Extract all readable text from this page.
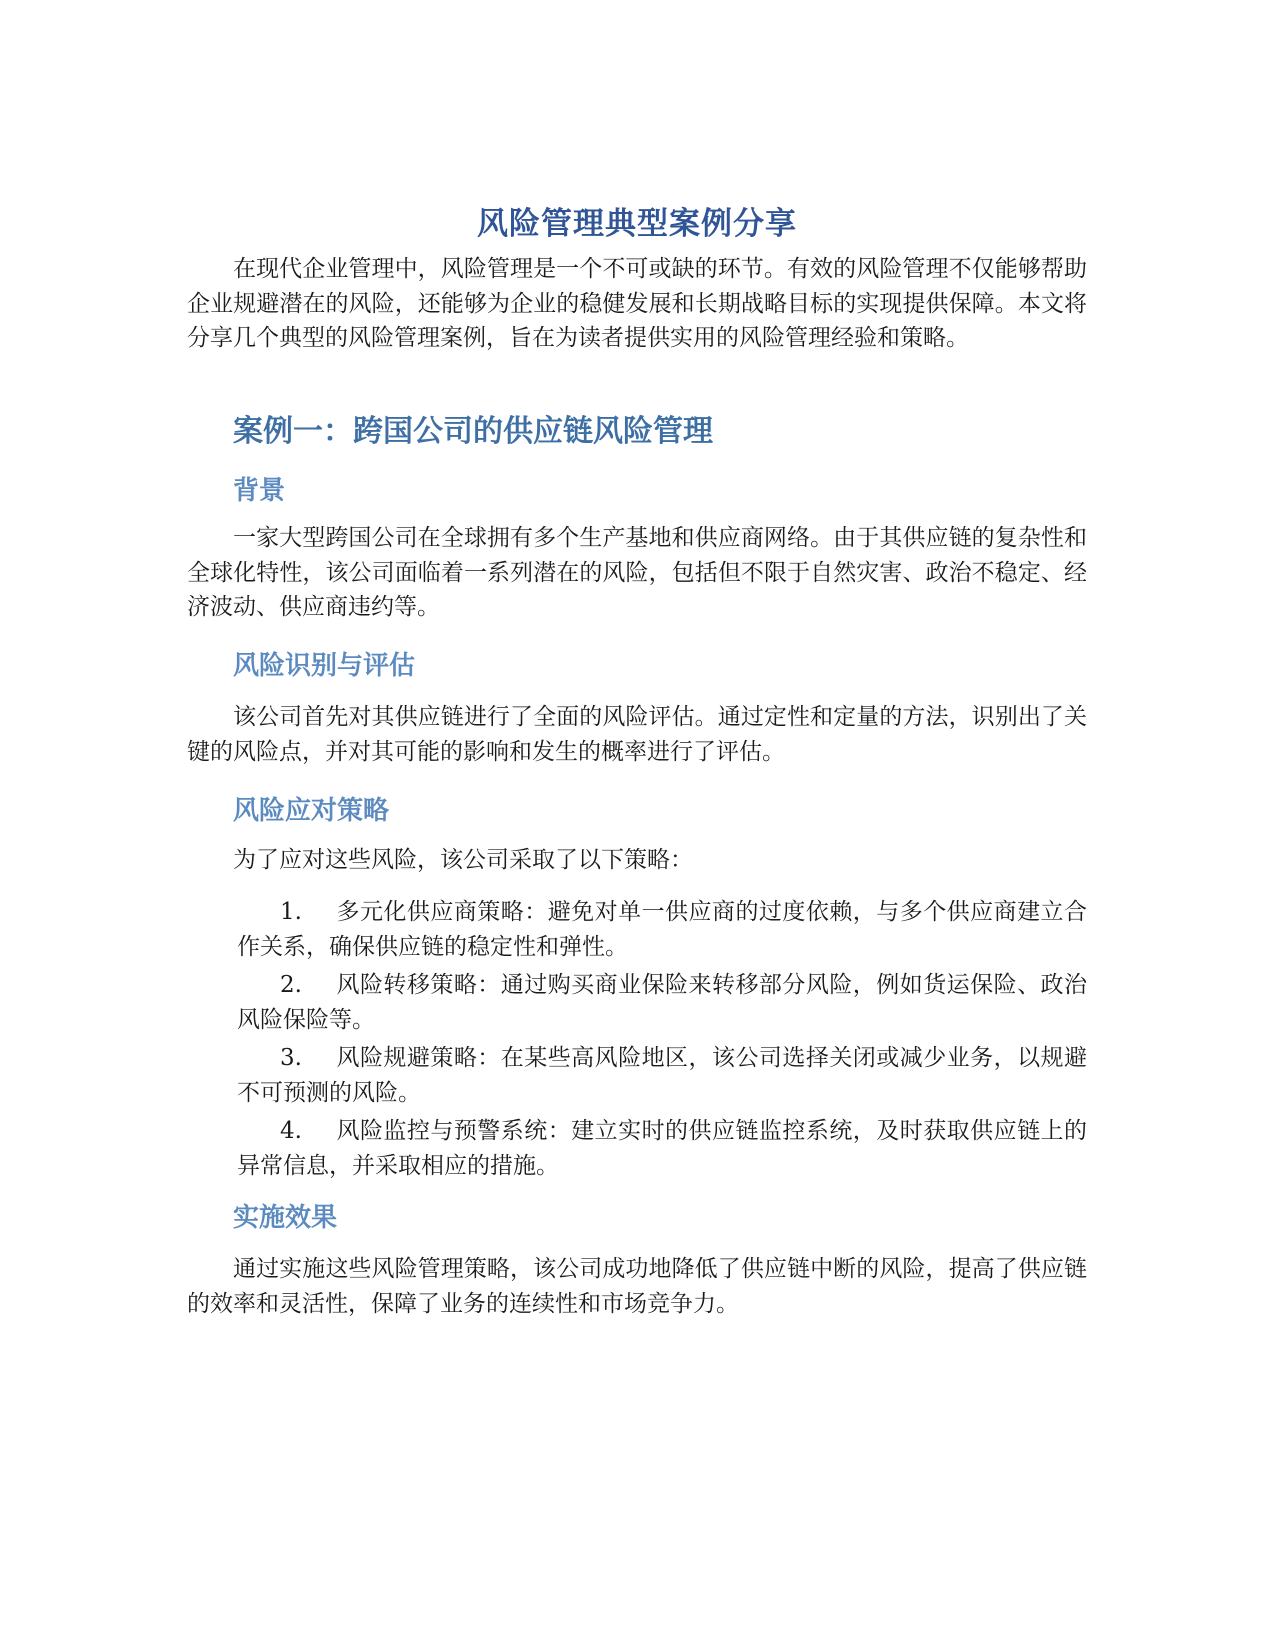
风险管理典型案例分享

在现代企业管理中，风险管理是一个不可或缺的环节。有效的风险管理不仅能够帮助企业规避潜在的风险，还能够为企业的稳健发展和长期战略目标的实现提供保障。本文将分享几个典型的风险管理案例，旨在为读者提供实用的风险管理经验和策略。

案例一：跨国公司的供应链风险管理
背景

一家大型跨国公司在全球拥有多个生产基地和供应商网络。由于其供应链的复杂性和全球化特性，该公司面临着一系列潜在的风险，包括但不限于自然灾害、政治不稳定、经济波动、供应商违约等。

风险识别与评估

该公司首先对其供应链进行了全面的风险评估。通过定性和定量的方法，识别出了关键的风险点，并对其可能的影响和发生的概率进行了评估。

风险应对策略

为了应对这些风险，该公司采取了以下策略：

1. 多元化供应商策略：避免对单一供应商的过度依赖，与多个供应商建立合作关系，确保供应链的稳定性和弹性。
2. 风险转移策略：通过购买商业保险来转移部分风险，例如货运保险、政治风险保险等。
3. 风险规避策略：在某些高风险地区，该公司选择关闭或减少业务，以规避不可预测的风险。
4. 风险监控与预警系统：建立实时的供应链监控系统，及时获取供应链上的异常信息，并采取相应的措施。
实施效果

通过实施这些风险管理策略，该公司成功地降低了供应链中断的风险，提高了供应链的效率和灵活性，保障了业务的连续性和市场竞争力。
